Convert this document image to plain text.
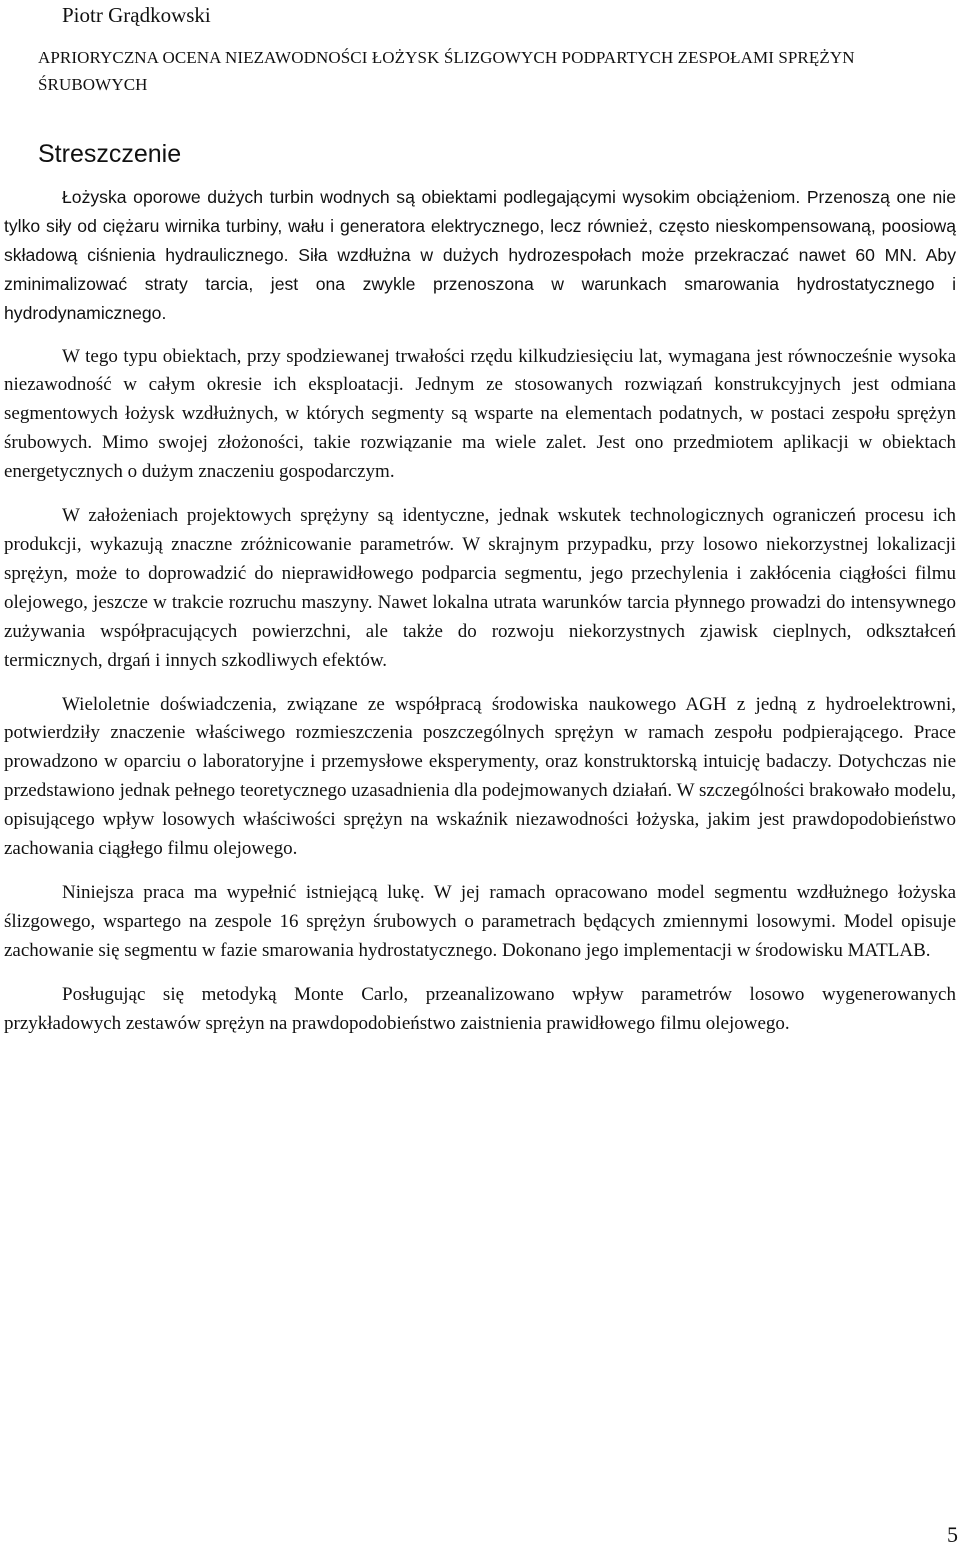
Piotr Grądkowski
APRIORYCZNA OCENA NIEZAWODNOŚCI ŁOŻYSK ŚLIZGOWYCH PODPARTYCH ZESPOŁAMI SPRĘŻYN ŚRUBOWYCH
Streszczenie

Łożyska oporowe dużych turbin wodnych są obiektami podlegającymi wysokim obciążeniom. Przenoszą one nie tylko siły od ciężaru wirnika turbiny, wału i generatora elektrycznego, lecz również, często nieskompensowaną, poosiową składową ciśnienia hydraulicznego. Siła wzdłużna w dużych hydrozespołach może przekraczać nawet 60 MN. Aby zminimalizować straty tarcia, jest ona zwykle przenoszona w warunkach smarowania hydrostatycznego i hydrodynamicznego.

W tego typu obiektach, przy spodziewanej trwałości rzędu kilkudziesięciu lat, wymagana jest równocześnie wysoka niezawodność w całym okresie ich eksploatacji. Jednym ze stosowanych rozwiązań konstrukcyjnych jest odmiana segmentowych łożysk wzdłużnych, w których segmenty są wsparte na elementach podatnych, w postaci zespołu sprężyn śrubowych. Mimo swojej złożoności, takie rozwiązanie ma wiele zalet. Jest ono przedmiotem aplikacji w obiektach energetycznych o dużym znaczeniu gospodarczym.

W założeniach projektowych sprężyny są identyczne, jednak wskutek technologicznych ograniczeń procesu ich produkcji, wykazują znaczne zróżnicowanie parametrów. W skrajnym przypadku, przy losowo niekorzystnej lokalizacji sprężyn, może to doprowadzić do nieprawidłowego podparcia segmentu, jego przechylenia i zakłócenia ciągłości filmu olejowego, jeszcze w trakcie rozruchu maszyny. Nawet lokalna utrata warunków tarcia płynnego prowadzi do intensywnego zużywania współpracujących powierzchni, ale także do rozwoju niekorzystnych zjawisk cieplnych, odkształceń termicznych, drgań i innych szkodliwych efektów.

Wieloletnie doświadczenia, związane ze współpracą środowiska naukowego AGH z jedną z hydroelektrowni, potwierdziły znaczenie właściwego rozmieszczenia poszczególnych sprężyn w ramach zespołu podpierającego. Prace prowadzono w oparciu o laboratoryjne i przemysłowe eksperymenty, oraz konstruktorską intuicję badaczy. Dotychczas nie przedstawiono jednak pełnego teoretycznego uzasadnienia dla podejmowanych działań. W szczególności brakowało modelu, opisującego wpływ losowych właściwości sprężyn na wskaźnik niezawodności łożyska, jakim jest prawdopodobieństwo zachowania ciągłego filmu olejowego.

Niniejsza praca ma wypełnić istniejącą lukę. W jej ramach opracowano model segmentu wzdłużnego łożyska ślizgowego, wspartego na zespole 16 sprężyn śrubowych o parametrach będących zmiennymi losowymi. Model opisuje zachowanie się segmentu w fazie smarowania hydrostatycznego. Dokonano jego implementacji w środowisku MATLAB.

Posługując się metodyką Monte Carlo, przeanalizowano wpływ parametrów losowo wygenerowanych przykładowych zestawów sprężyn na prawdopodobieństwo zaistnienia prawidłowego filmu olejowego.

5
